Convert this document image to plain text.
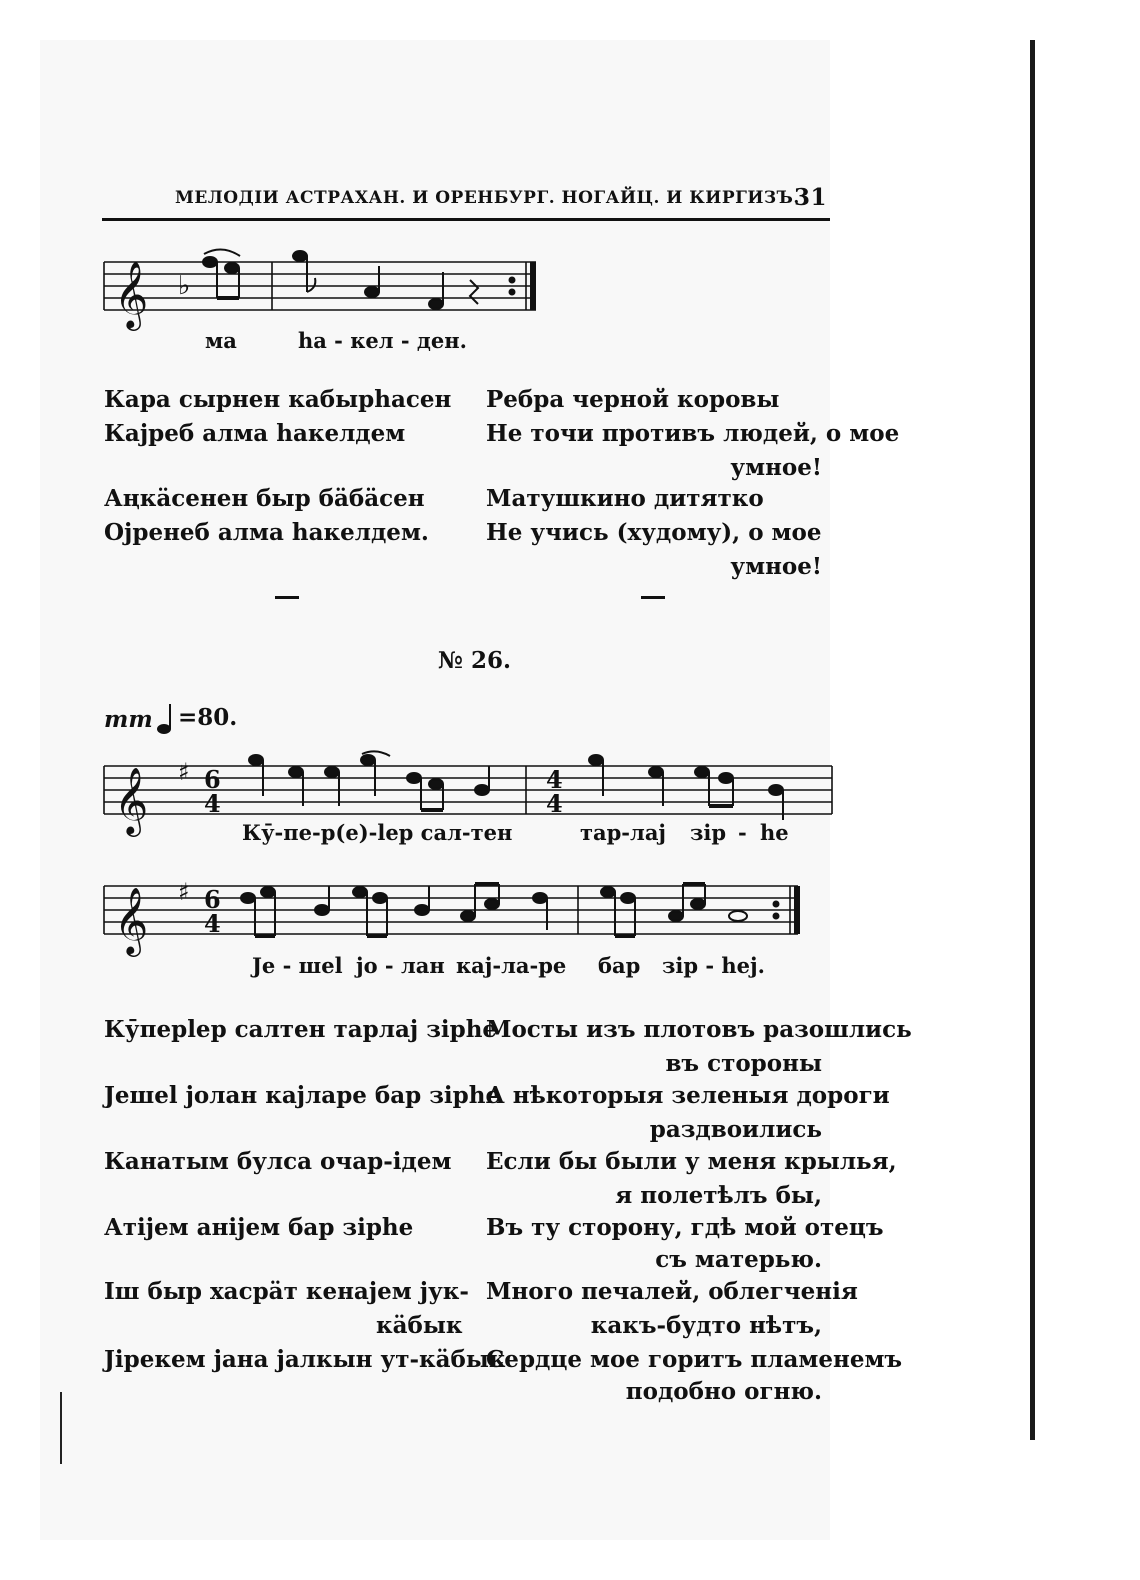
МЕЛОДІИ АСТРАХАН. И ОРЕНБУРГ. НОГАЙЦ. И КИРГИЗЪ.
31
𝄞 ♭
ма	hа - кел - ден.
Кара сырнен кабырhасен
Каjреб алма hакелдем
Аңкäсенен быр бäбäсен
Оjренеб алма hакелдем.
Ребра черной коровы
Не точи противъ людей, о мое
умное!
Матушкино дитятко
Не учись (худому), о мое
умное!
№ 26.
mm =80.
𝄞 ♯ 6
4
4
4
Кӯ-пе-р(е)-lер сал-тен	тар-лаj зір - hе
𝄞 ♯ 6
4
Je - шеl jо - лан каj-ла-ре бар зір - hеj.
Кӯперlер салтен тарлаj зірhе
Jешеl jолан каjларе бар зірhе
Канатым булса очар-ідем
Атіjем аніjем бар зірhе
Іш быр хасрäт кенаjем jук-
кäбык
Jірекем jана jалкын ут-кäбык
Мосты изъ плотовъ разошлись
въ стороны
А нѣкоторыя зеленыя дороги
раздвоились
Если бы были у меня крылья,
я полетѣлъ бы,
Въ ту сторону, гдѣ мой отецъ
съ матерью.
Много печалей, облегченія
какъ-будто нѣтъ,
Сердце мое горитъ пламенемъ
подобно огню.
